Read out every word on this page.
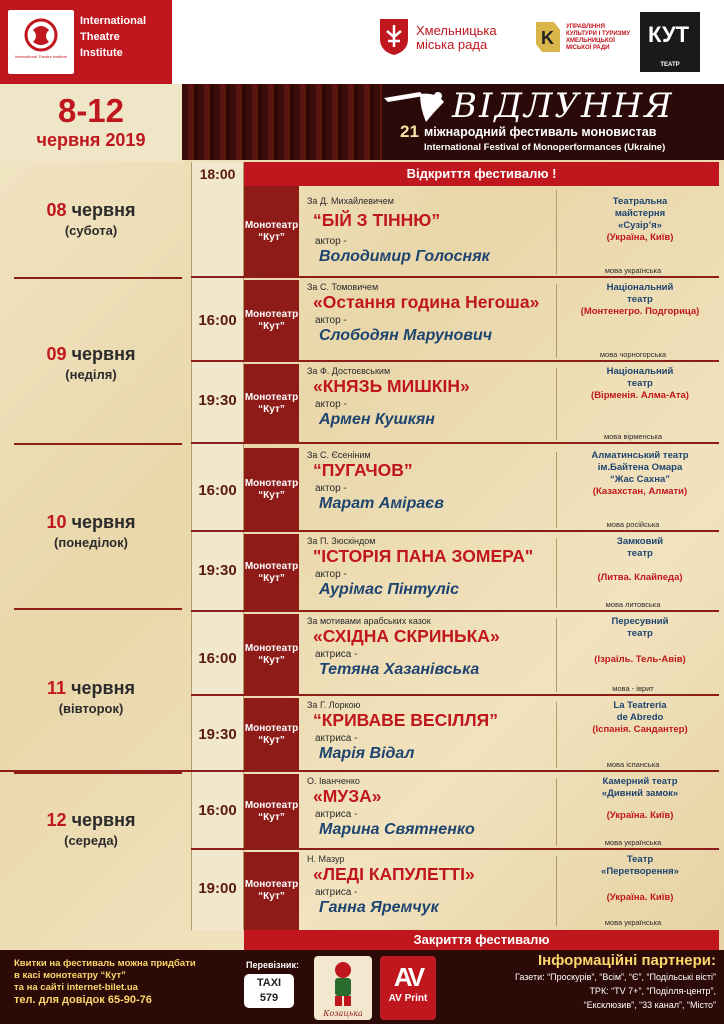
International Theatre Institute
International
Theatre
Institute
Хмельницька
міська рада	K
УПРАВЛІННЯ
КУЛЬТУРИ І ТУРИЗМУ
ХМЕЛЬНИЦЬКОЇ
МІСЬКОЇ РАДИ
КУТ
ТЕАТР
8-12
червня 2019
ВІДЛУННЯ
21 міжнародний фестиваль моновистав
International Festival of Monoperformances (Ukraine)
18:00	Відкриття фестивалю !
08 червня
(субота)
09 червня
(неділя)
10 червня
(понеділок)
11 червня
(вівторок)
12 червня
(середа)
Монотеатр
“Кут”
За Д. Михайлевичем
“БІЙ З ТІННЮ”
актор -
Володимир Голосняк
Театральна
майстерня
«Сузір’я»
(Україна, Київ)
мова українська
16:00 Монотеатр
“Кут”
За С. Томовичем
«Остання година Негоша»
актор -
Слободян Марунович
Національний
театр
(Монтенегро. Подгорица)
мова чорногорська
19:30 Монотеатр
“Кут”
За Ф. Достоєвським
«КНЯЗЬ МИШКІН»
актор -
Армен Кушкян
Національний
театр
(Вірменія. Алма-Ата)
мова вірменська
16:00 Монотеатр
“Кут”
За С. Єсеніним
“ПУГАЧОВ”
актор -
Марат Аміраєв
Алматинський театр
ім.Байтена Омара
“Жас Сахна”
(Казахстан, Алмати)
мова російська
19:30 Монотеатр
“Кут”
За П. Зюскіндом
"ІСТОРІЯ ПАНА ЗОМЕРА"
актор -
Аурімас Пінтуліс
Замковий
театр
(Литва. Клайпеда)
мова литовська
16:00
Монотеатр
“Кут”
За мотивами арабських казок
«СХІДНА СКРИНЬКА»
актриса -
Тетяна Хазанівська
Пересувний
театр
(Ізраїль. Тель-Авів)
мова - іврит
19:30 Монотеатр
“Кут”
За Г. Лоркою
“КРИВАВЕ ВЕСІЛЛЯ”
актриса -
Марія Відал
La Teatreria
de Abredo
(Іспанія. Сандантер)
мова іспанська
16:00 Монотеатр
“Кут”
О. Іванченко
«МУЗА»
актриса -
Марина Святненко
Камерний театр
«Дивний замок»
(Україна. Київ)
мова українська
19:00 Монотеатр
“Кут”
Н. Мазур
«ЛЕДІ КАПУЛЕТТІ»
актриса -
Ганна Яремчук
Театр
«Перетворення»
(Україна. Київ)
мова українська
Закриття фестивалю
Квитки на фестиваль можна придбати
в касі монотеатру “Кут”
та на сайті internet-bilet.ua
тел. для довідок 65-90-76
Перевізник:
TAXI
579
Козацька
AV
AV Print
Інформаційні партнери:
Газети: “Проскурів”, “Всім”, “Є”, “Подільські вісті”
ТРК: “TV 7+”, “Поділля-центр”,
“Ексклюзив”, “33 канал”, “Місто”
